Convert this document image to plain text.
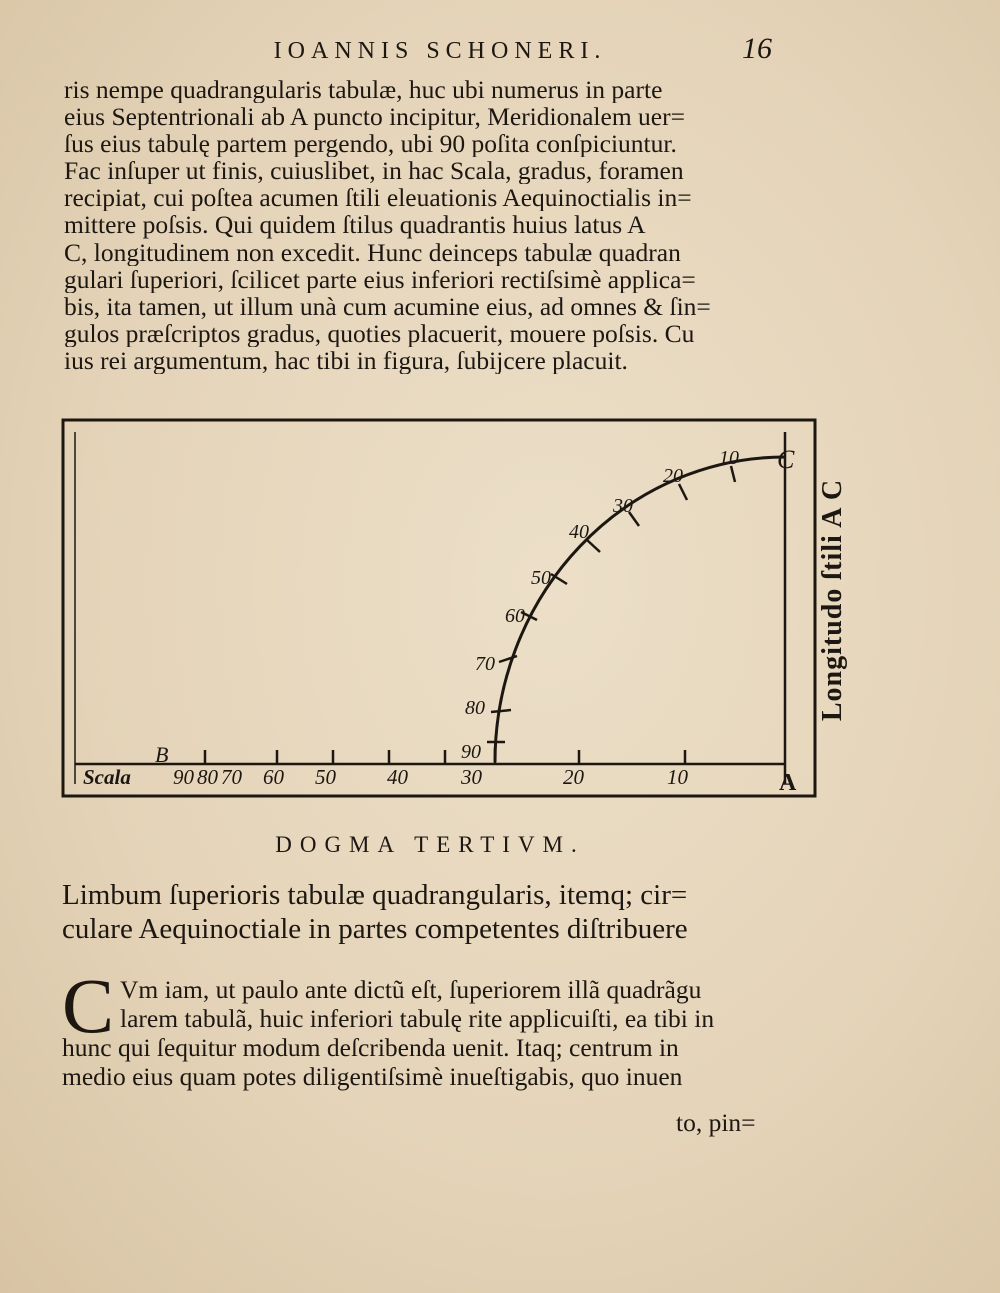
IOANNIS SCHONERI.	16
ris nempe quadrangularis tabulæ, huc ubi numerus in parte
eius Septentrionali ab A puncto incipitur, Meridionalem uer=
ſus eius tabulę partem pergendo, ubi 90 poſita conſpiciuntur.
Fac inſuper ut finis, cuiuslibet, in hac Scala, gradus, foramen
recipiat, cui poſtea acumen ſtili eleuationis Aequinoctialis in=
mittere poſsis. Qui quidem ſtilus quadrantis huius latus A
C, longitudinem non excedit. Hunc deinceps tabulæ quadran
gulari ſuperiori, ſcilicet parte eius inferiori rectiſsimè applica=
bis, ita tamen, ut illum unà cum acumine eius, ad omnes & ſin=
gulos præſcriptos gradus, quoties placuerit, mouere poſsis. Cu
ius rei argumentum, hac tibi in figura, ſubijcere placuit.
Scala
B
90 80 70 60 50 40	30	20	10	A
C
90
80
70
60
50
40
30
20
10
Longitudo ſtili A C
DOGMA TERTIVM.
Limbum ſuperioris tabulæ quadrangularis, itemq; cir=
culare Aequinoctiale in partes competentes diſtribuere
C Vm iam, ut paulo ante dictũ eſt, ſuperiorem illã quadrãgu
larem tabulã, huic inferiori tabulę rite applicuiſti, ea tibi in
hunc qui ſequitur modum deſcribenda uenit. Itaq; centrum in
medio eius quam potes diligentiſsimè inueſtigabis, quo inuen
to, pin=
